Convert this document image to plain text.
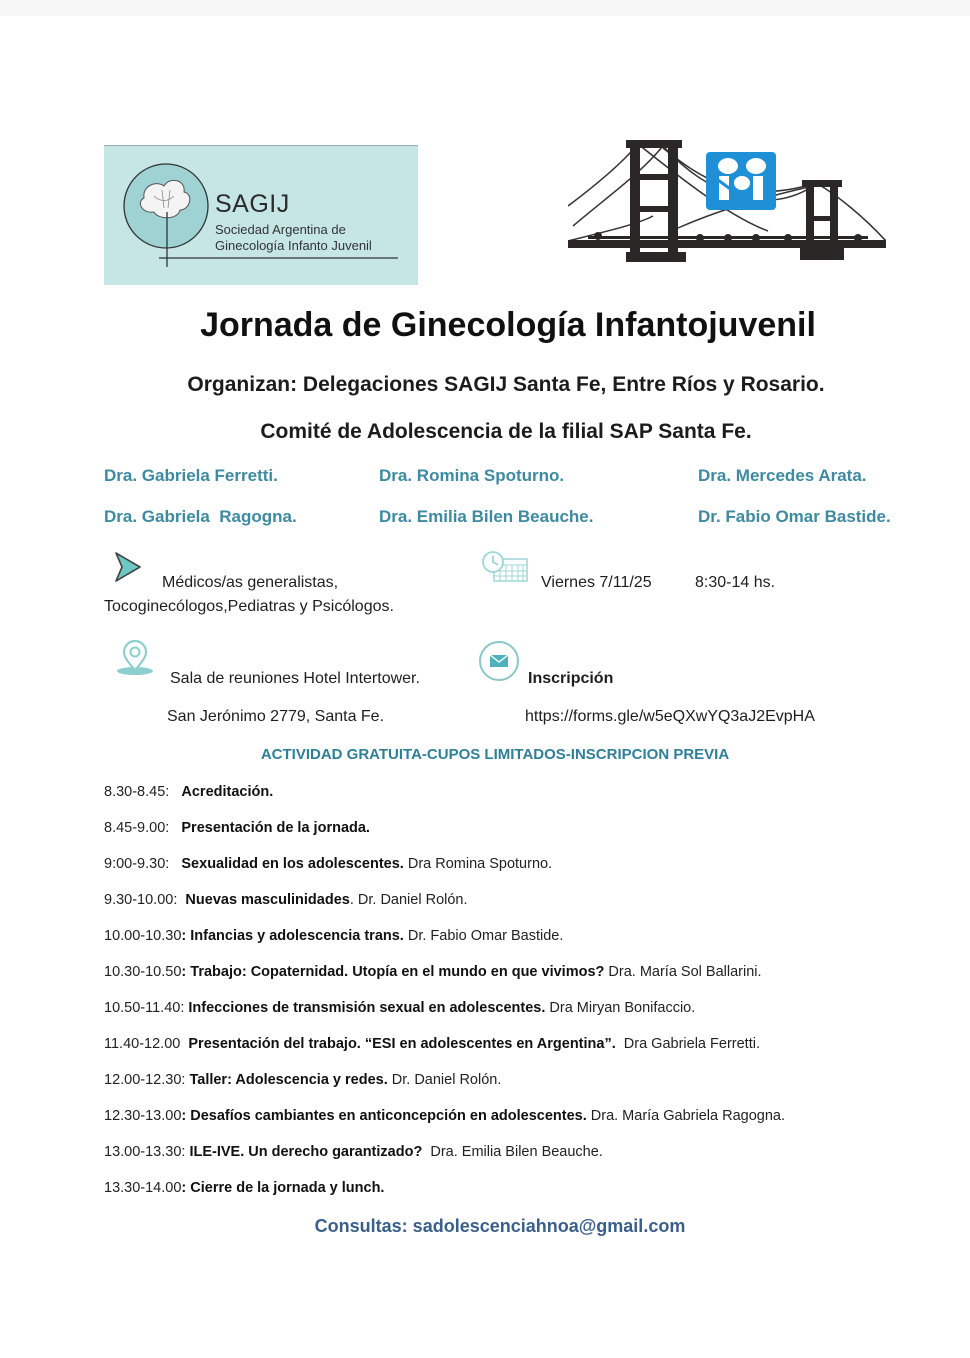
SAGIJ
Sociedad Argentina de
Ginecología Infanto Juvenil
Jornada de Ginecología Infantojuvenil
Organizan: Delegaciones SAGIJ Santa Fe, Entre Ríos y Rosario.
Comité de Adolescencia de la filial SAP Santa Fe.
Dra. Gabriela Ferretti.	Dra. Romina Spoturno.	Dra. Mercedes Arata.
Dra. Gabriela  Ragogna.	Dra. Emilia Bilen Beauche.	Dr. Fabio Omar Bastide.
Médicos/as generalistas,
Tocoginecólogos,Pediatras y Psicólogos.
Viernes 7/11/25	8:30-14 hs.
Sala de reuniones Hotel Intertower.
San Jerónimo 2779, Santa Fe.
Inscripción
https://forms.gle/w5eQXwYQ3aJ2EvpHA
ACTIVIDAD GRATUITA-CUPOS LIMITADOS-INSCRIPCION PREVIA
8.30-8.45:   Acreditación.
8.45-9.00:   Presentación de la jornada.
9:00-9.30:   Sexualidad en los adolescentes. Dra Romina Spoturno.
9.30-10.00:  Nuevas masculinidades. Dr. Daniel Rolón.
10.00-10.30: Infancias y adolescencia trans. Dr. Fabio Omar Bastide.
10.30-10.50: Trabajo: Copaternidad. Utopía en el mundo en que vivimos? Dra. María Sol Ballarini.
10.50-11.40: Infecciones de transmisión sexual en adolescentes. Dra Miryan Bonifaccio.
11.40-12.00  Presentación del trabajo. “ESI en adolescentes en Argentina”.  Dra Gabriela Ferretti.
12.00-12.30: Taller: Adolescencia y redes. Dr. Daniel Rolón.
12.30-13.00: Desafíos cambiantes en anticoncepción en adolescentes. Dra. María Gabriela Ragogna.
13.00-13.30: ILE-IVE. Un derecho garantizado?  Dra. Emilia Bilen Beauche.
13.30-14.00: Cierre de la jornada y lunch.
Consultas: sadolescenciahnoa@gmail.com
